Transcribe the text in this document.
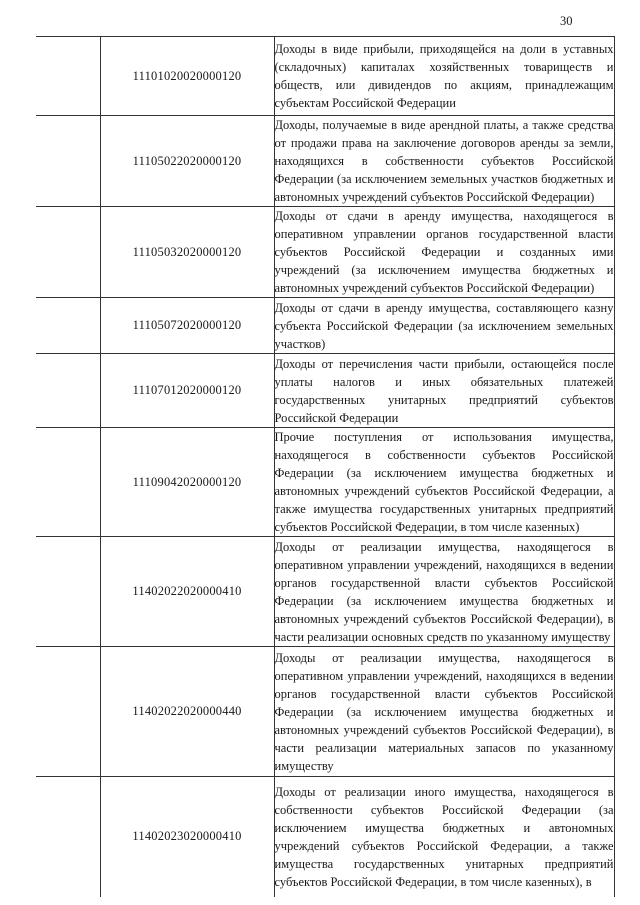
30
	11101020020000120	Доходы в виде прибыли, приходящейся на доли в уставных (складочных) капиталах хозяйственных товариществ и обществ, или дивидендов по акциям, принадлежащим субъектам Российской Федерации
	11105022020000120	Доходы, получаемые в виде арендной платы, а также средства от продажи права на заключение договоров аренды за земли, находящихся в собственности субъектов Российской Федерации (за исключением земельных участков бюджетных и автономных учреждений субъектов Российской Федерации)
	11105032020000120	Доходы от сдачи в аренду имущества, находящегося в оперативном управлении органов государственной власти субъектов Российской Федерации и созданных ими учреждений (за исключением имущества бюджетных и автономных учреждений субъектов Российской Федерации)
	11105072020000120	Доходы от сдачи в аренду имущества, составляющего казну субъекта Российской Федерации (за исключением земельных участков)
	11107012020000120	Доходы от перечисления части прибыли, остающейся после уплаты налогов и иных обязательных платежей государственных унитарных предприятий субъектов Российской Федерации
	11109042020000120	Прочие поступления от использования имущества, находящегося в собственности субъектов Российской Федерации (за исключением имущества бюджетных и автономных учреждений субъектов Российской Федерации, а также имущества государственных унитарных предприятий субъектов Российской Федерации, в том числе казенных)
	11402022020000410	Доходы от реализации имущества, находящегося в оперативном управлении учреждений, находящихся в ведении органов государственной власти субъектов Российской Федерации (за исключением имущества бюджетных и автономных учреждений субъектов Российской Федерации), в части реализации основных средств по указанному имуществу
	11402022020000440	Доходы от реализации имущества, находящегося в оперативном управлении учреждений, находящихся в ведении органов государственной власти субъектов Российской Федерации (за исключением имущества бюджетных и автономных учреждений субъектов Российской Федерации), в части реализации материальных запасов по указанному имуществу
	11402023020000410	Доходы от реализации иного имущества, находящегося в собственности субъектов Российской Федерации (за исключением имущества бюджетных и автономных учреждений субъектов Российской Федерации, а также имущества государственных унитарных предприятий субъектов Российской Федерации, в том числе казенных), в
